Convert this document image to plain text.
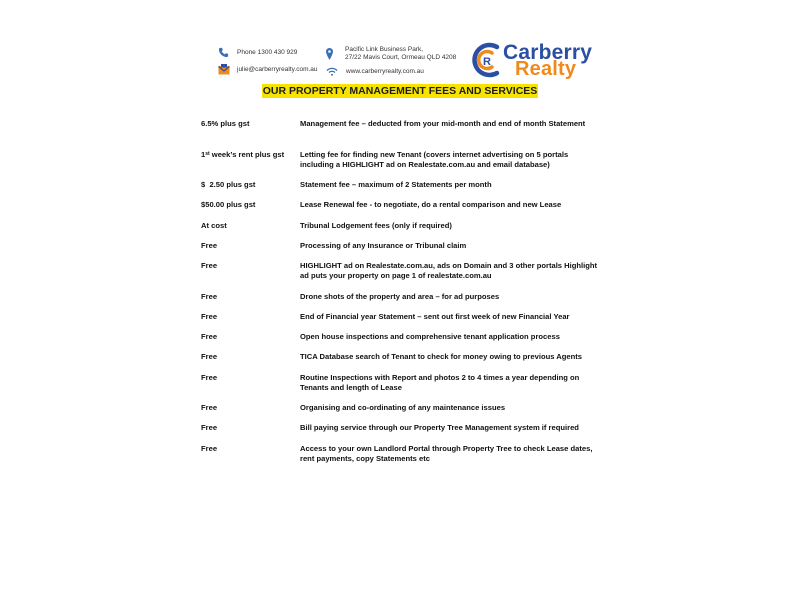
Phone 1300 430 929
julie@carberryrealty.com.au
Pacific Link Business Park,
27/22 Mavis Court, Ormeau QLD 4208
www.carberryrealty.com.au
R Carberry
Realty
OUR PROPERTY MANAGEMENT FEES AND SERVICES
6.5% plus gst	Management fee – deducted from your mid-month and end of month Statement
1st week’s rent plus gst	Letting fee for finding new Tenant (covers internet advertising on 5 portals including a HIGHLIGHT ad on Realestate.com.au and email database)
$  2.50 plus gst	Statement fee – maximum of 2 Statements per month
$50.00 plus gst	Lease Renewal fee - to negotiate, do a rental comparison and new Lease
At cost	Tribunal Lodgement fees (only if required)
Free	Processing of any Insurance or Tribunal claim
Free	HIGHLIGHT ad on Realestate.com.au, ads on Domain and 3 other portals Highlight ad puts your property on page 1 of realestate.com.au
Free	Drone shots of the property and area – for ad purposes
Free	End of Financial year Statement – sent out first week of new Financial Year
Free	Open house inspections and comprehensive tenant application process
Free	TICA Database search of Tenant to check for money owing to previous Agents
Free	Routine Inspections with Report and photos 2 to 4 times a year depending on Tenants and length of Lease
Free	Organising and co-ordinating of any maintenance issues
Free	Bill paying service through our Property Tree Management system if required
Free	Access to your own Landlord Portal through Property Tree to check Lease dates, rent payments, copy Statements etc
